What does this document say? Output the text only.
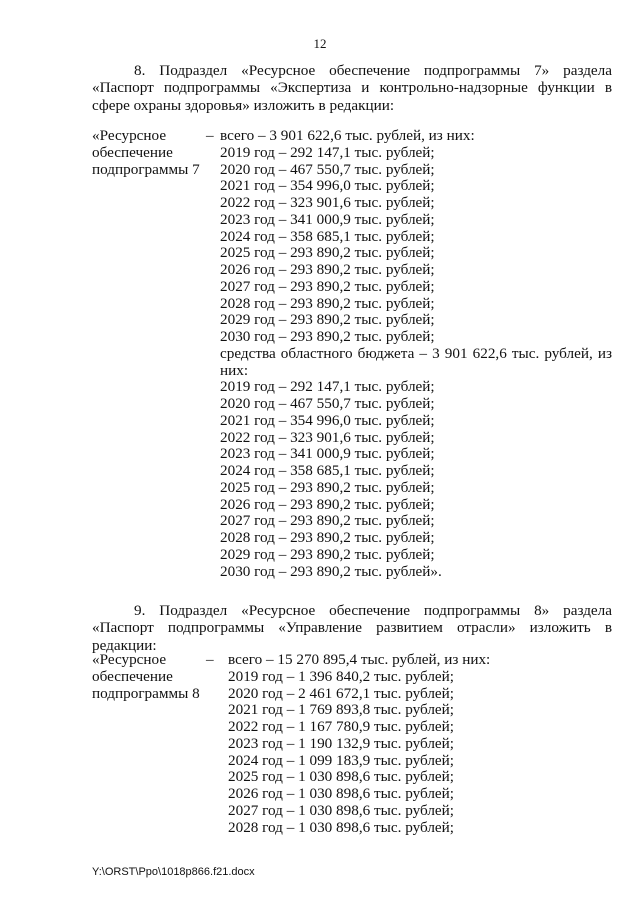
12
8. Подраздел «Ресурсное обеспечение подпрограммы 7» раздела «Паспорт подпрограммы «Экспертиза и контрольно-надзорные функции в сфере охраны здоровья» изложить в редакции:
«Ресурсное
обеспечение
подпрограммы 7
– всего – 3 901 622,6 тыс. рублей, из них:
2019 год – 292 147,1 тыс. рублей;
2020 год – 467 550,7 тыс. рублей;
2021 год – 354 996,0 тыс. рублей;
2022 год – 323 901,6 тыс. рублей;
2023 год – 341 000,9 тыс. рублей;
2024 год – 358 685,1 тыс. рублей;
2025 год – 293 890,2 тыс. рублей;
2026 год – 293 890,2 тыс. рублей;
2027 год – 293 890,2 тыс. рублей;
2028 год – 293 890,2 тыс. рублей;
2029 год – 293 890,2 тыс. рублей;
2030 год – 293 890,2 тыс. рублей;
средства областного бюджета – 3 901 622,6 тыс. рублей, из них:
2019 год – 292 147,1 тыс. рублей;
2020 год – 467 550,7 тыс. рублей;
2021 год – 354 996,0 тыс. рублей;
2022 год – 323 901,6 тыс. рублей;
2023 год – 341 000,9 тыс. рублей;
2024 год – 358 685,1 тыс. рублей;
2025 год – 293 890,2 тыс. рублей;
2026 год – 293 890,2 тыс. рублей;
2027 год – 293 890,2 тыс. рублей;
2028 год – 293 890,2 тыс. рублей;
2029 год – 293 890,2 тыс. рублей;
2030 год – 293 890,2 тыс. рублей».
9. Подраздел «Ресурсное обеспечение подпрограммы 8» раздела «Паспорт подпрограммы «Управление развитием отрасли» изложить в редакции:
«Ресурсное
обеспечение
подпрограммы 8
– всего – 15 270 895,4 тыс. рублей, из них:
2019 год – 1 396 840,2 тыс. рублей;
2020 год – 2 461 672,1 тыс. рублей;
2021 год – 1 769 893,8 тыс. рублей;
2022 год – 1 167 780,9 тыс. рублей;
2023 год – 1 190 132,9 тыс. рублей;
2024 год – 1 099 183,9 тыс. рублей;
2025 год – 1 030 898,6 тыс. рублей;
2026 год – 1 030 898,6 тыс. рублей;
2027 год – 1 030 898,6 тыс. рублей;
2028 год – 1 030 898,6 тыс. рублей;
Y:\ORST\Ppo\1018p866.f21.docx
